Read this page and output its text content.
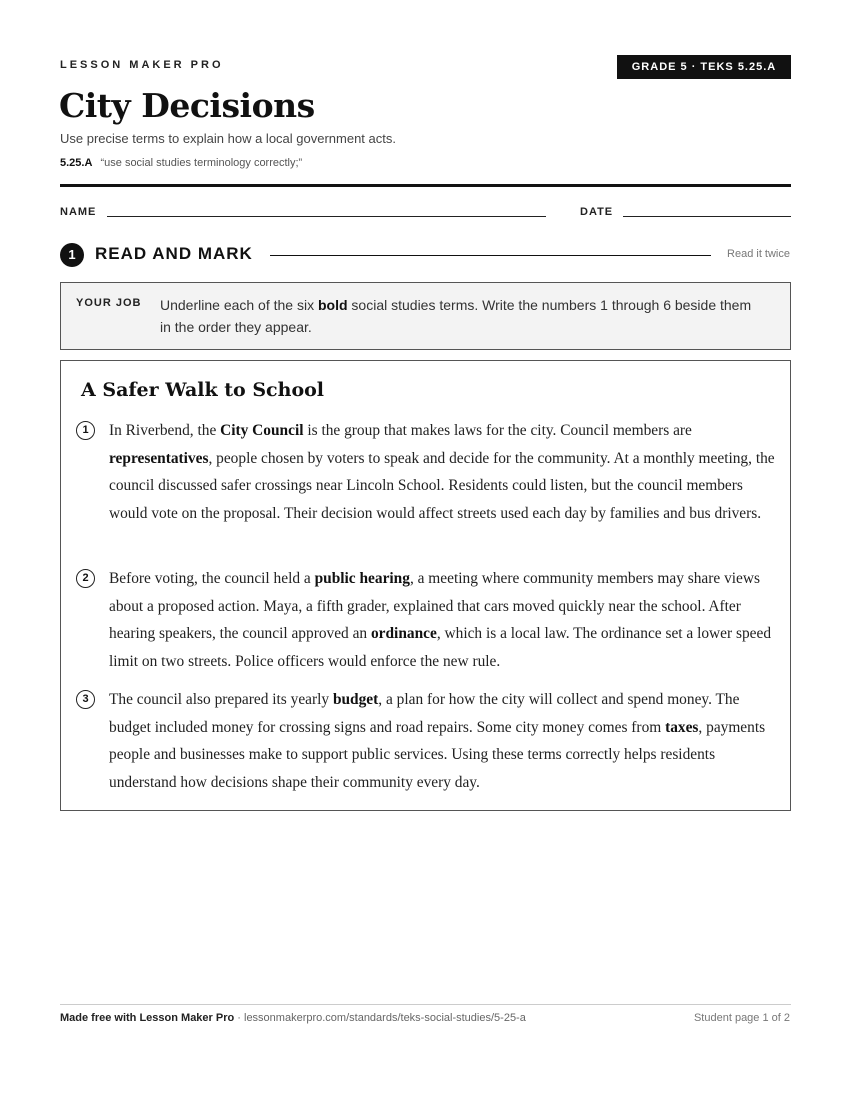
LESSON MAKER PRO	GRADE 5 · TEKS 5.25.A
City Decisions
Use precise terms to explain how a local government acts.
5.25.A “use social studies terminology correctly;”
NAME	DATE
1	READ AND MARK	Read it twice
YOUR JOB Underline each of the six bold social studies terms. Write the numbers 1 through 6 beside them in the order they appear.

A Safer Walk to School
1	In Riverbend, the City Council is the group that makes laws for the city. Council members are representatives, people chosen by voters to speak and decide for the community. At a monthly meeting, the council discussed safer crossings near Lincoln School. Residents could listen, but the council members would vote on the proposal. Their decision would affect streets used each day by families and bus drivers.

2	Before voting, the council held a public hearing, a meeting where community members may share views about a proposed action. Maya, a fifth grader, explained that cars moved quickly near the school. After hearing speakers, the council approved an ordinance, which is a local law. The ordinance set a lower speed limit on two streets. Police officers would enforce the new rule.

3	The council also prepared its yearly budget, a plan for how the city will collect and spend money. The budget included money for crossing signs and road repairs. Some city money comes from taxes, payments people and businesses make to support public services. Using these terms correctly helps residents understand how decisions shape their community every day.

Made free with Lesson Maker Pro · lessonmakerpro.com/standards/teks-social-studies/5-25-a	Student page 1 of 2
